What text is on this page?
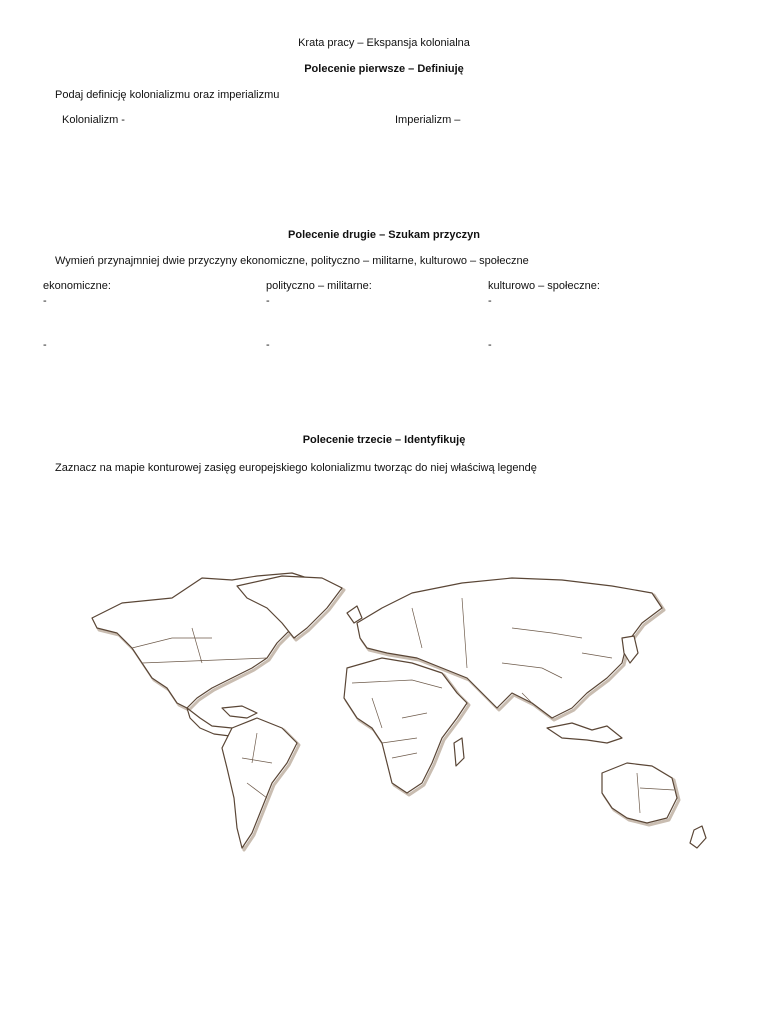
Krata pracy – Ekspansja kolonialna
Polecenie pierwsze – Definiuję
Podaj definicję kolonializmu oraz imperializmu
Kolonializm -	Imperializm –
Polecenie drugie – Szukam przyczyn
Wymień przynajmniej dwie przyczyny ekonomiczne, polityczno – militarne, kulturowo – społeczne
ekonomiczne:
-
-
polityczno – militarne:
-
-
kulturowo – społeczne:
-
-
Polecenie trzecie – Identyfikuję
Zaznacz na mapie konturowej zasięg europejskiego kolonializmu tworząc do niej właściwą legendę
